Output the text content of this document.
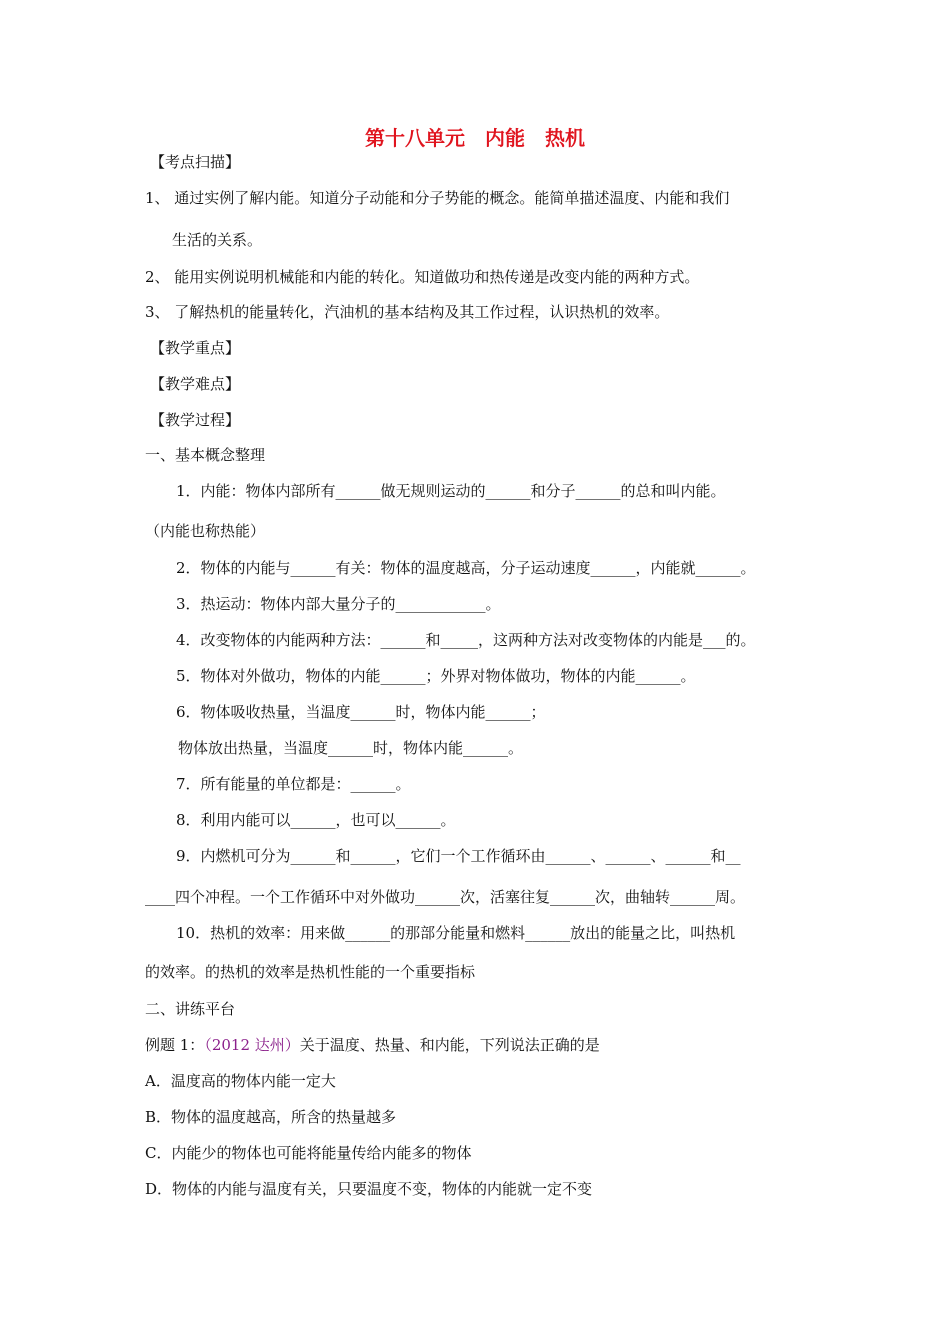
第十八单元　内能　热机
【考点扫描】
1、 通过实例了解内能。知道分子动能和分子势能的概念。能简单描述温度、内能和我们
生活的关系。
2、 能用实例说明机械能和内能的转化。知道做功和热传递是改变内能的两种方式。
3、 了解热机的能量转化，汽油机的基本结构及其工作过程，认识热机的效率。
【教学重点】
【教学难点】
【教学过程】
一、基本概念整理
1．内能：物体内部所有______做无规则运动的______和分子______的总和叫内能。
（内能也称热能）
2．物体的内能与______有关：物体的温度越高，分子运动速度______，内能就______。
3．热运动：物体内部大量分子的____________。
4．改变物体的内能两种方法：______和_____，这两种方法对改变物体的内能是___的。
5．物体对外做功，物体的内能______；外界对物体做功，物体的内能______。
6．物体吸收热量，当温度______时，物体内能______；
物体放出热量，当温度______时，物体内能______。
7．所有能量的单位都是：______。
8．利用内能可以______，也可以______。
9．内燃机可分为______和______，它们一个工作循环由______、______、______和__
____四个冲程。一个工作循环中对外做功______次，活塞往复______次，曲轴转______周。
10．热机的效率：用来做______的那部分能量和燃料______放出的能量之比，叫热机
的效率。的热机的效率是热机性能的一个重要指标
二、讲练平台
例题 1：（2012 达州）关于温度、热量、和内能，下列说法正确的是
A．温度高的物体内能一定大
B．物体的温度越高，所含的热量越多
C．内能少的物体也可能将能量传给内能多的物体
D．物体的内能与温度有关，只要温度不变，物体的内能就一定不变
